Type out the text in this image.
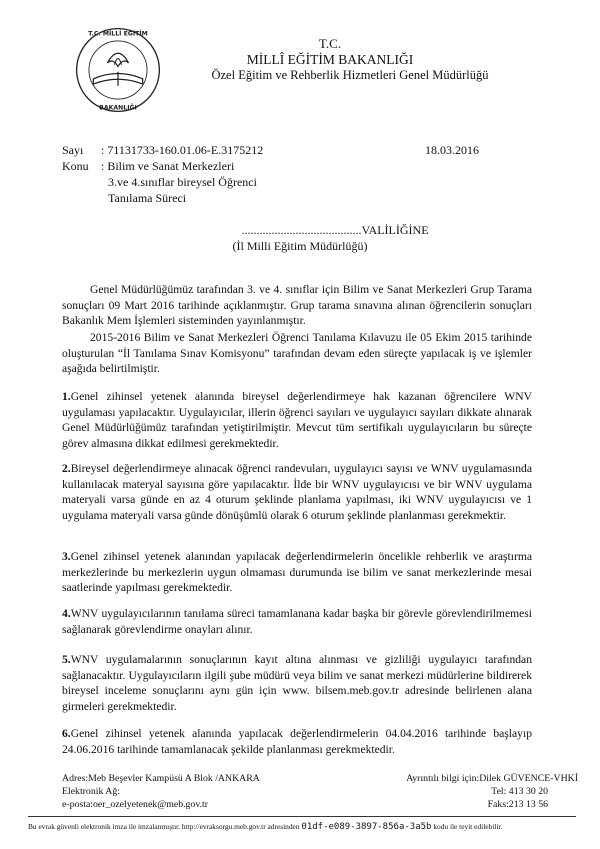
T.C. MİLLİ EĞİTİM
BAKANLIĞI
T.C.
MİLLÎ EĞİTİM BAKANLIĞI
Özel Eğitim ve Rehberlik Hizmetleri Genel Müdürlüğü
Sayı : 71131733-160.01.06-E.3175212	18.03.2016
Konu : Bilim ve Sanat Merkezleri
3.ve 4.sınıflar bireysel Öğrenci
Tanılama Süreci
........................................VALİLİĞİNE
(İl Milli Eğitim Müdürlüğü)
Genel Müdürlüğümüz tarafından 3. ve 4. sınıflar için Bilim ve Sanat Merkezleri Grup Tarama sonuçları 09 Mart 2016 tarihinde açıklanmıştır. Grup tarama sınavına alınan öğrencilerin sonuçları Bakanlık Mem İşlemleri sisteminden yayınlanmıştır.
2015-2016 Bilim ve Sanat Merkezleri Öğrenci Tanılama Kılavuzu ile 05 Ekim 2015 tarihinde oluşturulan “İl Tanılama Sınav Komisyonu” tarafından devam eden süreçte yapılacak iş ve işlemler aşağıda belirtilmiştir.
1.Genel zihinsel yetenek alanında bireysel değerlendirmeye hak kazanan öğrencilere WNV uygulaması yapılacaktır. Uygulayıcılar, illerin öğrenci sayıları ve uygulayıcı sayıları dikkate alınarak Genel Müdürlüğümüz tarafından yetiştirilmiştir. Mevcut tüm sertifikalı uygulayıcıların bu süreçte görev almasına dikkat edilmesi gerekmektedir.
2.Bireysel değerlendirmeye alınacak öğrenci randevuları, uygulayıcı sayısı ve WNV uygulamasında kullanılacak materyal sayısına göre yapılacaktır. İlde bir WNV uygulayıcısı ve bir WNV uygulama materyali varsa günde en az 4 oturum şeklinde planlama yapılması, iki WNV uygulayıcısı ve 1 uygulama materyali varsa günde dönüşümlü olarak 6 oturum şeklinde planlanması gerekmektir.
3.Genel zihinsel yetenek alanından yapılacak değerlendirmelerin öncelikle rehberlik ve araştırma merkezlerinde bu merkezlerin uygun olmaması durumunda ise bilim ve sanat merkezlerinde mesai saatlerinde yapılması gerekmektedir.
4.WNV uygulayıcılarının tanılama süreci tamamlanana kadar başka bir görevle görevlendirilmemesi sağlanarak görevlendirme onayları alınır.
5.WNV uygulamalarının sonuçlarının kayıt altına alınması ve gizliliği uygulayıcı tarafından sağlanacaktır. Uygulayıcıların ilgili şube müdürü veya bilim ve sanat merkezi müdürlerine bildirerek bireysel inceleme sonuçlarını aynı gün için www. bilsem.meb.gov.tr adresinde belirlenen alana girmeleri gerekmektedir.
6.Genel zihinsel yetenek alanında yapılacak değerlendirmelerin 04.04.2016 tarihinde başlayıp 24.06.2016 tarihinde tamamlanacak şekilde planlanması gerekmektedir.
Adres:Meb Beşevler Kampüsü A Blok /ANKARA
Elektronik Ağ:
e-posta:oer_ozelyetenek@meb.gov.tr
Ayrıntılı bilgi için:Dilek GÜVENCE-VHKİ
Tel: 413 30 20
Faks:213 13 56
Bu evrak güvenli elektronik imza ile imzalanmıştır. http://evraksorgu.meb.gov.tr adresinden 01df-e089-3897-856a-3a5b kodu ile teyit edilebilir.
